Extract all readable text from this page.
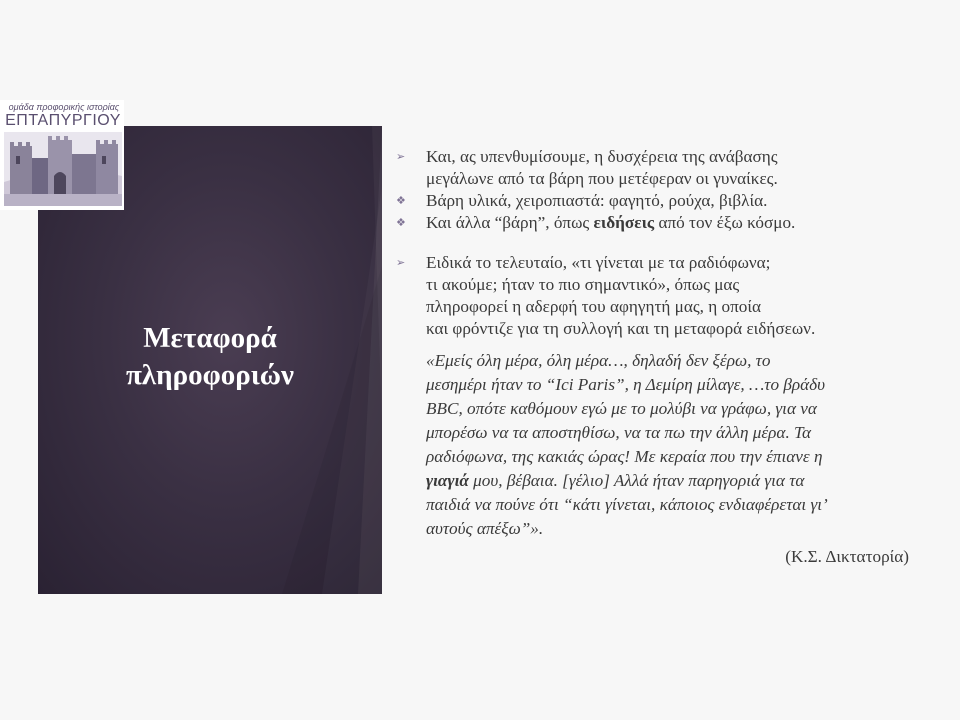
Μεταφορά
πληροφοριών
ομάδα προφορικής ιστορίας
ΕΠΤΑΠΥΡΓΙΟΥ
➢ Και, ας υπενθυμίσουμε, η δυσχέρεια της ανάβασης
μεγάλωνε από τα βάρη που μετέφεραν οι γυναίκες.
❖ Βάρη υλικά, χειροπιαστά: φαγητό, ρούχα, βιβλία.
❖ Και άλλα “βάρη”, όπως ειδήσεις από τον έξω κόσμο.
➢ Ειδικά το τελευταίο, «τι γίνεται με τα ραδιόφωνα;
τι ακούμε; ήταν το πιο σημαντικό», όπως μας
πληροφορεί η αδερφή του αφηγητή μας, η οποία
και φρόντιζε για τη συλλογή και τη μεταφορά ειδήσεων.
«Εμείς όλη μέρα, όλη μέρα…, δηλαδή δεν ξέρω, το
μεσημέρι ήταν το “Ici Paris”, η Δεμίρη μίλαγε, …το βράδυ
BBC, οπότε καθόμουν εγώ με το μολύβι να γράφω, για να
μπορέσω να τα αποστηθίσω, να τα πω την άλλη μέρα. Τα
ραδιόφωνα, της κακιάς ώρας! Με κεραία που την έπιανε η
γιαγιά μου, βέβαια. [γέλιο] Αλλά ήταν παρηγοριά για τα
παιδιά να πούνε ότι “κάτι γίνεται, κάποιος ενδιαφέρεται γι’
αυτούς απέξω”».
(Κ.Σ. Δικτατορία)
